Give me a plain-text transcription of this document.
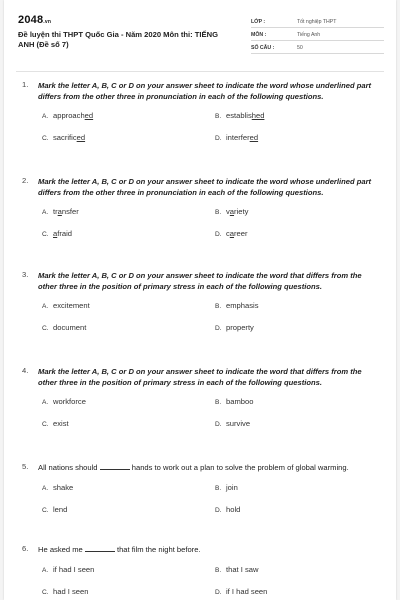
2048.vn
Đề luyện thi THPT Quốc Gia - Năm 2020 Môn thi: TIẾNG ANH (Đề số 7)
LỚP :	Tốt nghiệp THPT
MÔN :	Tiếng Anh
SỐ CÂU :	50
1. Mark the letter A, B, C or D on your answer sheet to indicate the word whose underlined part differs from the other three in pronunciation in each of the following questions.
A. approached	B. established
C. sacrificed	D. interfered
2. Mark the letter A, B, C or D on your answer sheet to indicate the word whose underlined part differs from the other three in pronunciation in each of the following questions.
A. transfer	B. variety
C. afraid	D. career
3. Mark the letter A, B, C or D on your answer sheet to indicate the word that differs from the other three in the position of primary stress in each of the following questions.
A. excitement	B. emphasis
C. document	D. property
4. Mark the letter A, B, C or D on your answer sheet to indicate the word that differs from the other three in the position of primary stress in each of the following questions.
A. workforce	B. bamboo
C. exist	D. survive
5. All nations should	hands to work out a plan to solve the problem of global warming.
A. shake	B. join
C. lend	D. hold
6. He asked me	that film the night before.
A. if had I seen	B. that I saw
C. had I seen	D. if I had seen
